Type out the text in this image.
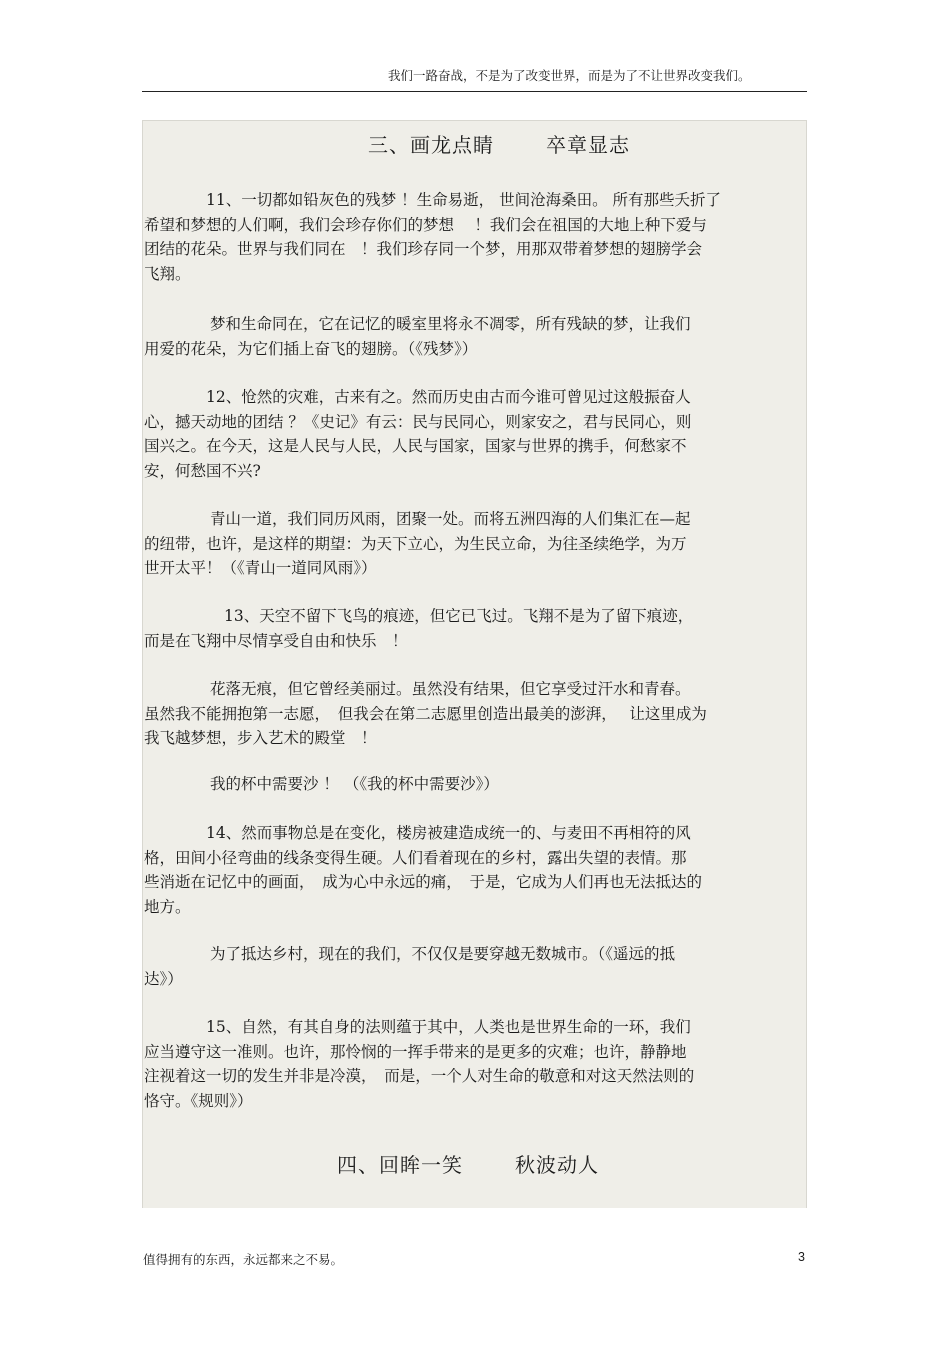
我们一路奋战，不是为了改变世界，而是为了不让世界改变我们。
三、画龙点睛	卒章显志
11、一切都如铅灰色的残梦 ！生命易逝， 世间沧海桑田。 所有那些夭折了
希望和梦想的人们啊，我们会珍存你们的梦想　 ！我们会在祖国的大地上种下爱与
团结的花朵。世界与我们同在　！我们珍存同一个梦，用那双带着梦想的翅膀学会
飞翔。
梦和生命同在，它在记忆的暖室里将永不凋零，所有残缺的梦，让我们
用爱的花朵，为它们插上奋飞的翅膀。（《残梦》）
12、怆然的灾难，古来有之。然而历史由古而今谁可曾见过这般振奋人
心，撼天动地的团结 ？《史记》有云：民与民同心，则家安之，君与民同心，则
国兴之。在今天，这是人民与人民，人民与国家，国家与世界的携手，何愁家不
安，何愁国不兴?
青山一道，我们同历风雨，团聚一处。而将五洲四海的人们集汇在—起
的纽带，也许，是这样的期望：为天下立心，为生民立命，为往圣续绝学，为万
世开太平！（《青山一道同风雨》）
13、天空不留下飞鸟的痕迹，但它已飞过。飞翔不是为了留下痕迹，
而是在飞翔中尽情享受自由和快乐　！
花落无痕，但它曾经美丽过。虽然没有结果，但它享受过汗水和青春。
虽然我不能拥抱第一志愿，　但我会在第二志愿里创造出最美的澎湃，　 让这里成为
我飞越梦想，步入艺术的殿堂　！
我的杯中需要沙 ！ （《我的杯中需要沙》）
14、然而事物总是在变化，楼房被建造成统一的、与麦田不再相符的风
格，田间小径弯曲的线条变得生硬。人们看着现在的乡村，露出失望的表情。那
些消逝在记忆中的画面，　成为心中永远的痛，　于是，它成为人们再也无法抵达的
地方。
为了抵达乡村，现在的我们，不仅仅是要穿越无数城市。（《遥远的抵
达》）
15、自然，有其自身的法则蕴于其中，人类也是世界生命的一环，我们
应当遵守这一准则。也许，那怜悯的一挥手带来的是更多的灾难；也许，静静地
注视着这一切的发生并非是冷漠，　而是，一个人对生命的敬意和对这天然法则的
恪守。《规则》）
四、回眸一笑	秋波动人
值得拥有的东西，永远都来之不易。	3
